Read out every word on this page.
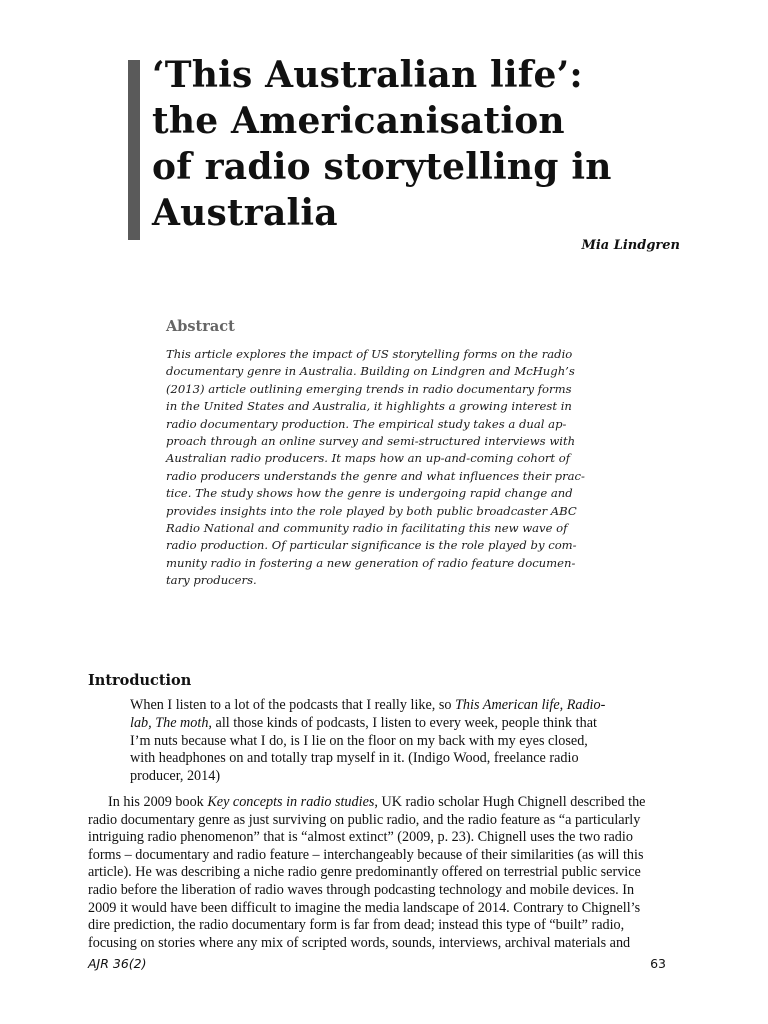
‘This Australian life’:
the Americanisation
of radio storytelling in
Australia
Mia Lindgren
Abstract
This article explores the impact of US storytelling forms on the radio
documentary genre in Australia. Building on Lindgren and McHugh’s
(2013) article outlining emerging trends in radio documentary forms
in the United States and Australia, it highlights a growing interest in
radio documentary production. The empirical study takes a dual ap-
proach through an online survey and semi-structured interviews with
Australian radio producers. It maps how an up-and-coming cohort of
radio producers understands the genre and what influences their prac-
tice. The study shows how the genre is undergoing rapid change and
provides insights into the role played by both public broadcaster ABC
Radio National and community radio in facilitating this new wave of
radio production. Of particular significance is the role played by com-
munity radio in fostering a new generation of radio feature documen-
tary producers.
Introduction
When I listen to a lot of the podcasts that I really like, so This American life, Radio-
lab, The moth, all those kinds of podcasts, I listen to every week, people think that
I’m nuts because what I do, is I lie on the floor on my back with my eyes closed,
with headphones on and totally trap myself in it. (Indigo Wood, freelance radio
producer, 2014)
In his 2009 book Key concepts in radio studies, UK radio scholar Hugh Chignell described the
radio documentary genre as just surviving on public radio, and the radio feature as “a particularly
intriguing radio phenomenon” that is “almost extinct” (2009, p. 23). Chignell uses the two radio
forms – documentary and radio feature – interchangeably because of their similarities (as will this
article). He was describing a niche radio genre predominantly offered on terrestrial public service
radio before the liberation of radio waves through podcasting technology and mobile devices. In
2009 it would have been difficult to imagine the media landscape of 2014. Contrary to Chignell’s
dire prediction, the radio documentary form is far from dead; instead this type of “built” radio,
focusing on stories where any mix of scripted words, sounds, interviews, archival materials and
AJR 36(2)	63
